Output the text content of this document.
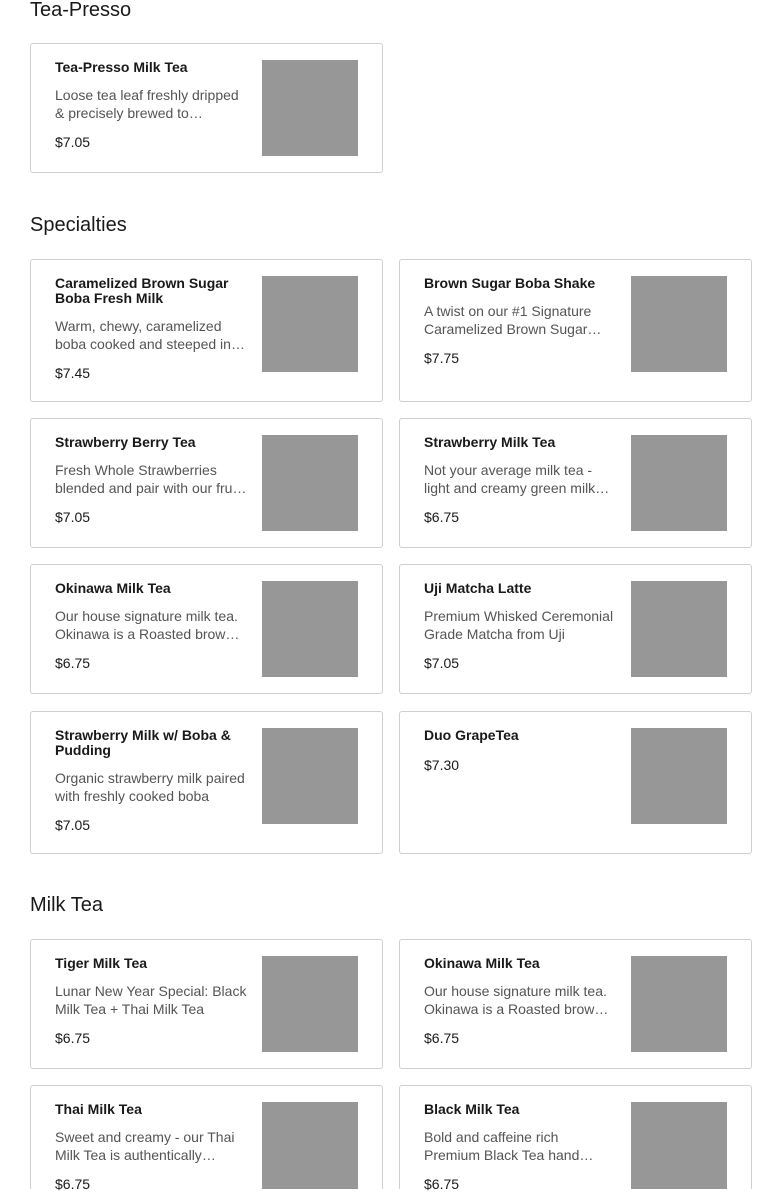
Tea-Presso
Tea-Presso Milk Tea
Loose tea leaf freshly dripped & precisely brewed to
$7.05
Specialties
Caramelized Brown Sugar Boba Fresh Milk
Warm, chewy, caramelized boba cooked and steeped in
$7.45
Brown Sugar Boba Shake
A twist on our #1 Signature Caramelized Brown Sugar
$7.75
Strawberry Berry Tea
Fresh Whole Strawberries blended and pair with our fruit
$7.05
Strawberry Milk Tea
Not your average milk tea - light and creamy green milk
$6.75
Okinawa Milk Tea
Our house signature milk tea. Okinawa is a Roasted brown
$6.75
Uji Matcha Latte
Premium Whisked Ceremonial Grade Matcha from Uji
$7.05
Strawberry Milk w/ Boba & Pudding
Organic strawberry milk paired with freshly cooked boba
$7.05
Duo GrapeTea
$7.30
Milk Tea
Tiger Milk Tea
Lunar New Year Special: Black Milk Tea + Thai Milk Tea
$6.75
Okinawa Milk Tea
Our house signature milk tea. Okinawa is a Roasted brown
$6.75
Thai Milk Tea
Sweet and creamy - our Thai Milk Tea is authentically
$6.75
Black Milk Tea
Bold and caffeine rich Premium Black Tea hand
$6.75
